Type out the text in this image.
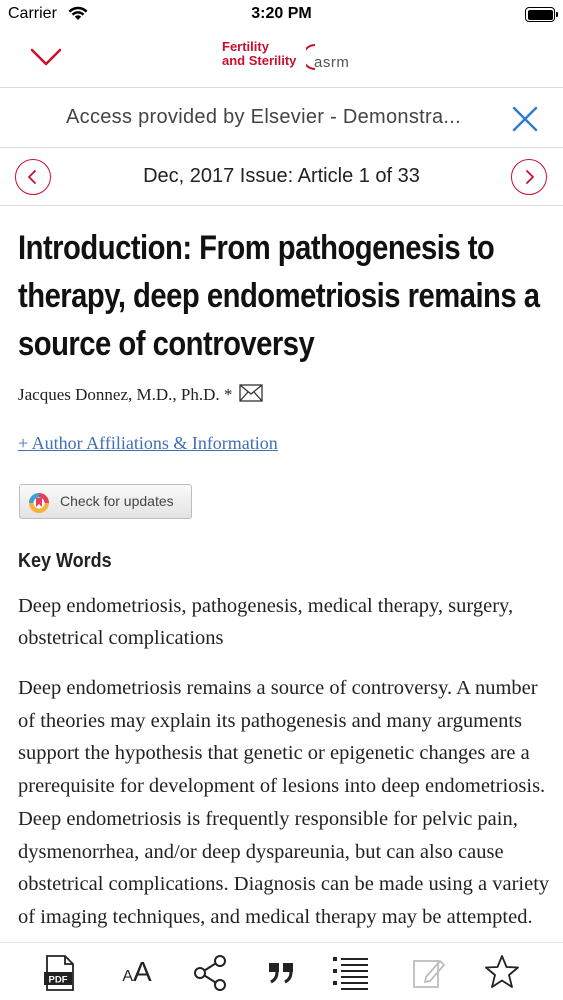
Carrier	3:20 PM
Fertility
and Sterility asrm
Access provided by Elsevier - Demonstra...
Dec, 2017 Issue: Article 1 of 33
Introduction: From pathogenesis to therapy, deep endometriosis remains a source of controversy
Jacques Donnez, M.D., Ph.D. *
+ Author Affiliations & Information
Check for updates
Key Words

Deep endometriosis, pathogenesis, medical therapy, surgery, obstetrical complications

Deep endometriosis remains a source of controversy. A number of theories may explain its pathogenesis and many arguments support the hypothesis that genetic or epigenetic changes are a prerequisite for development of lesions into deep endometriosis. Deep endometriosis is frequently responsible for pelvic pain, dysmenorrhea, and/or deep dyspareunia, but can also cause obstetrical complications. Diagnosis can be made using a variety of imaging techniques, and medical therapy may be attempted.

PDF	AA
